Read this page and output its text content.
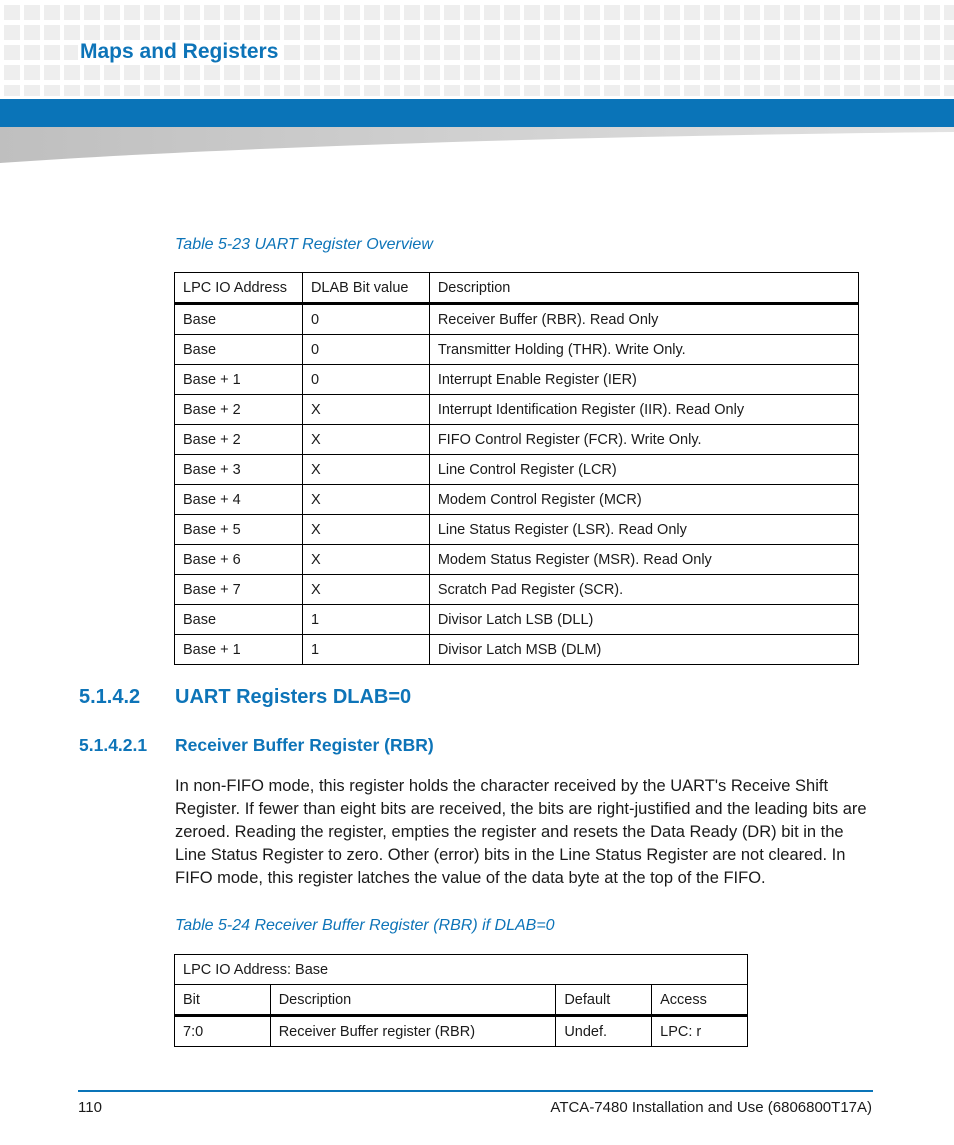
Maps and Registers

Table 5-23 UART Register Overview

LPC IO Address	DLAB Bit value	Description
Base	0	Receiver Buffer (RBR). Read Only
Base	0	Transmitter Holding (THR). Write Only.
Base + 1	0	Interrupt Enable Register (IER)
Base + 2	X	Interrupt Identification Register (IIR). Read Only
Base + 2	X	FIFO Control Register (FCR). Write Only.
Base + 3	X	Line Control Register (LCR)
Base + 4	X	Modem Control Register (MCR)
Base + 5	X	Line Status Register (LSR). Read Only
Base + 6	X	Modem Status Register (MSR). Read Only
Base + 7	X	Scratch Pad Register (SCR).
Base	1	Divisor Latch LSB (DLL)
Base + 1	1	Divisor Latch MSB (DLM)
5.1.4.2 UART Registers DLAB=0
5.1.4.2.1 Receiver Buffer Register (RBR)

In non-FIFO mode, this register holds the character received by the UART's Receive Shift Register. If fewer than eight bits are received, the bits are right-justified and the leading bits are zeroed. Reading the register, empties the register and resets the Data Ready (DR) bit in the Line Status Register to zero. Other (error) bits in the Line Status Register are not cleared. In FIFO mode, this register latches the value of the data byte at the top of the FIFO.

Table 5-24 Receiver Buffer Register (RBR) if DLAB=0

LPC IO Address: Base			
Bit	Description	Default	Access
7:0	Receiver Buffer register (RBR)	Undef.	LPC: r

110	ATCA-7480 Installation and Use (6806800T17A)
